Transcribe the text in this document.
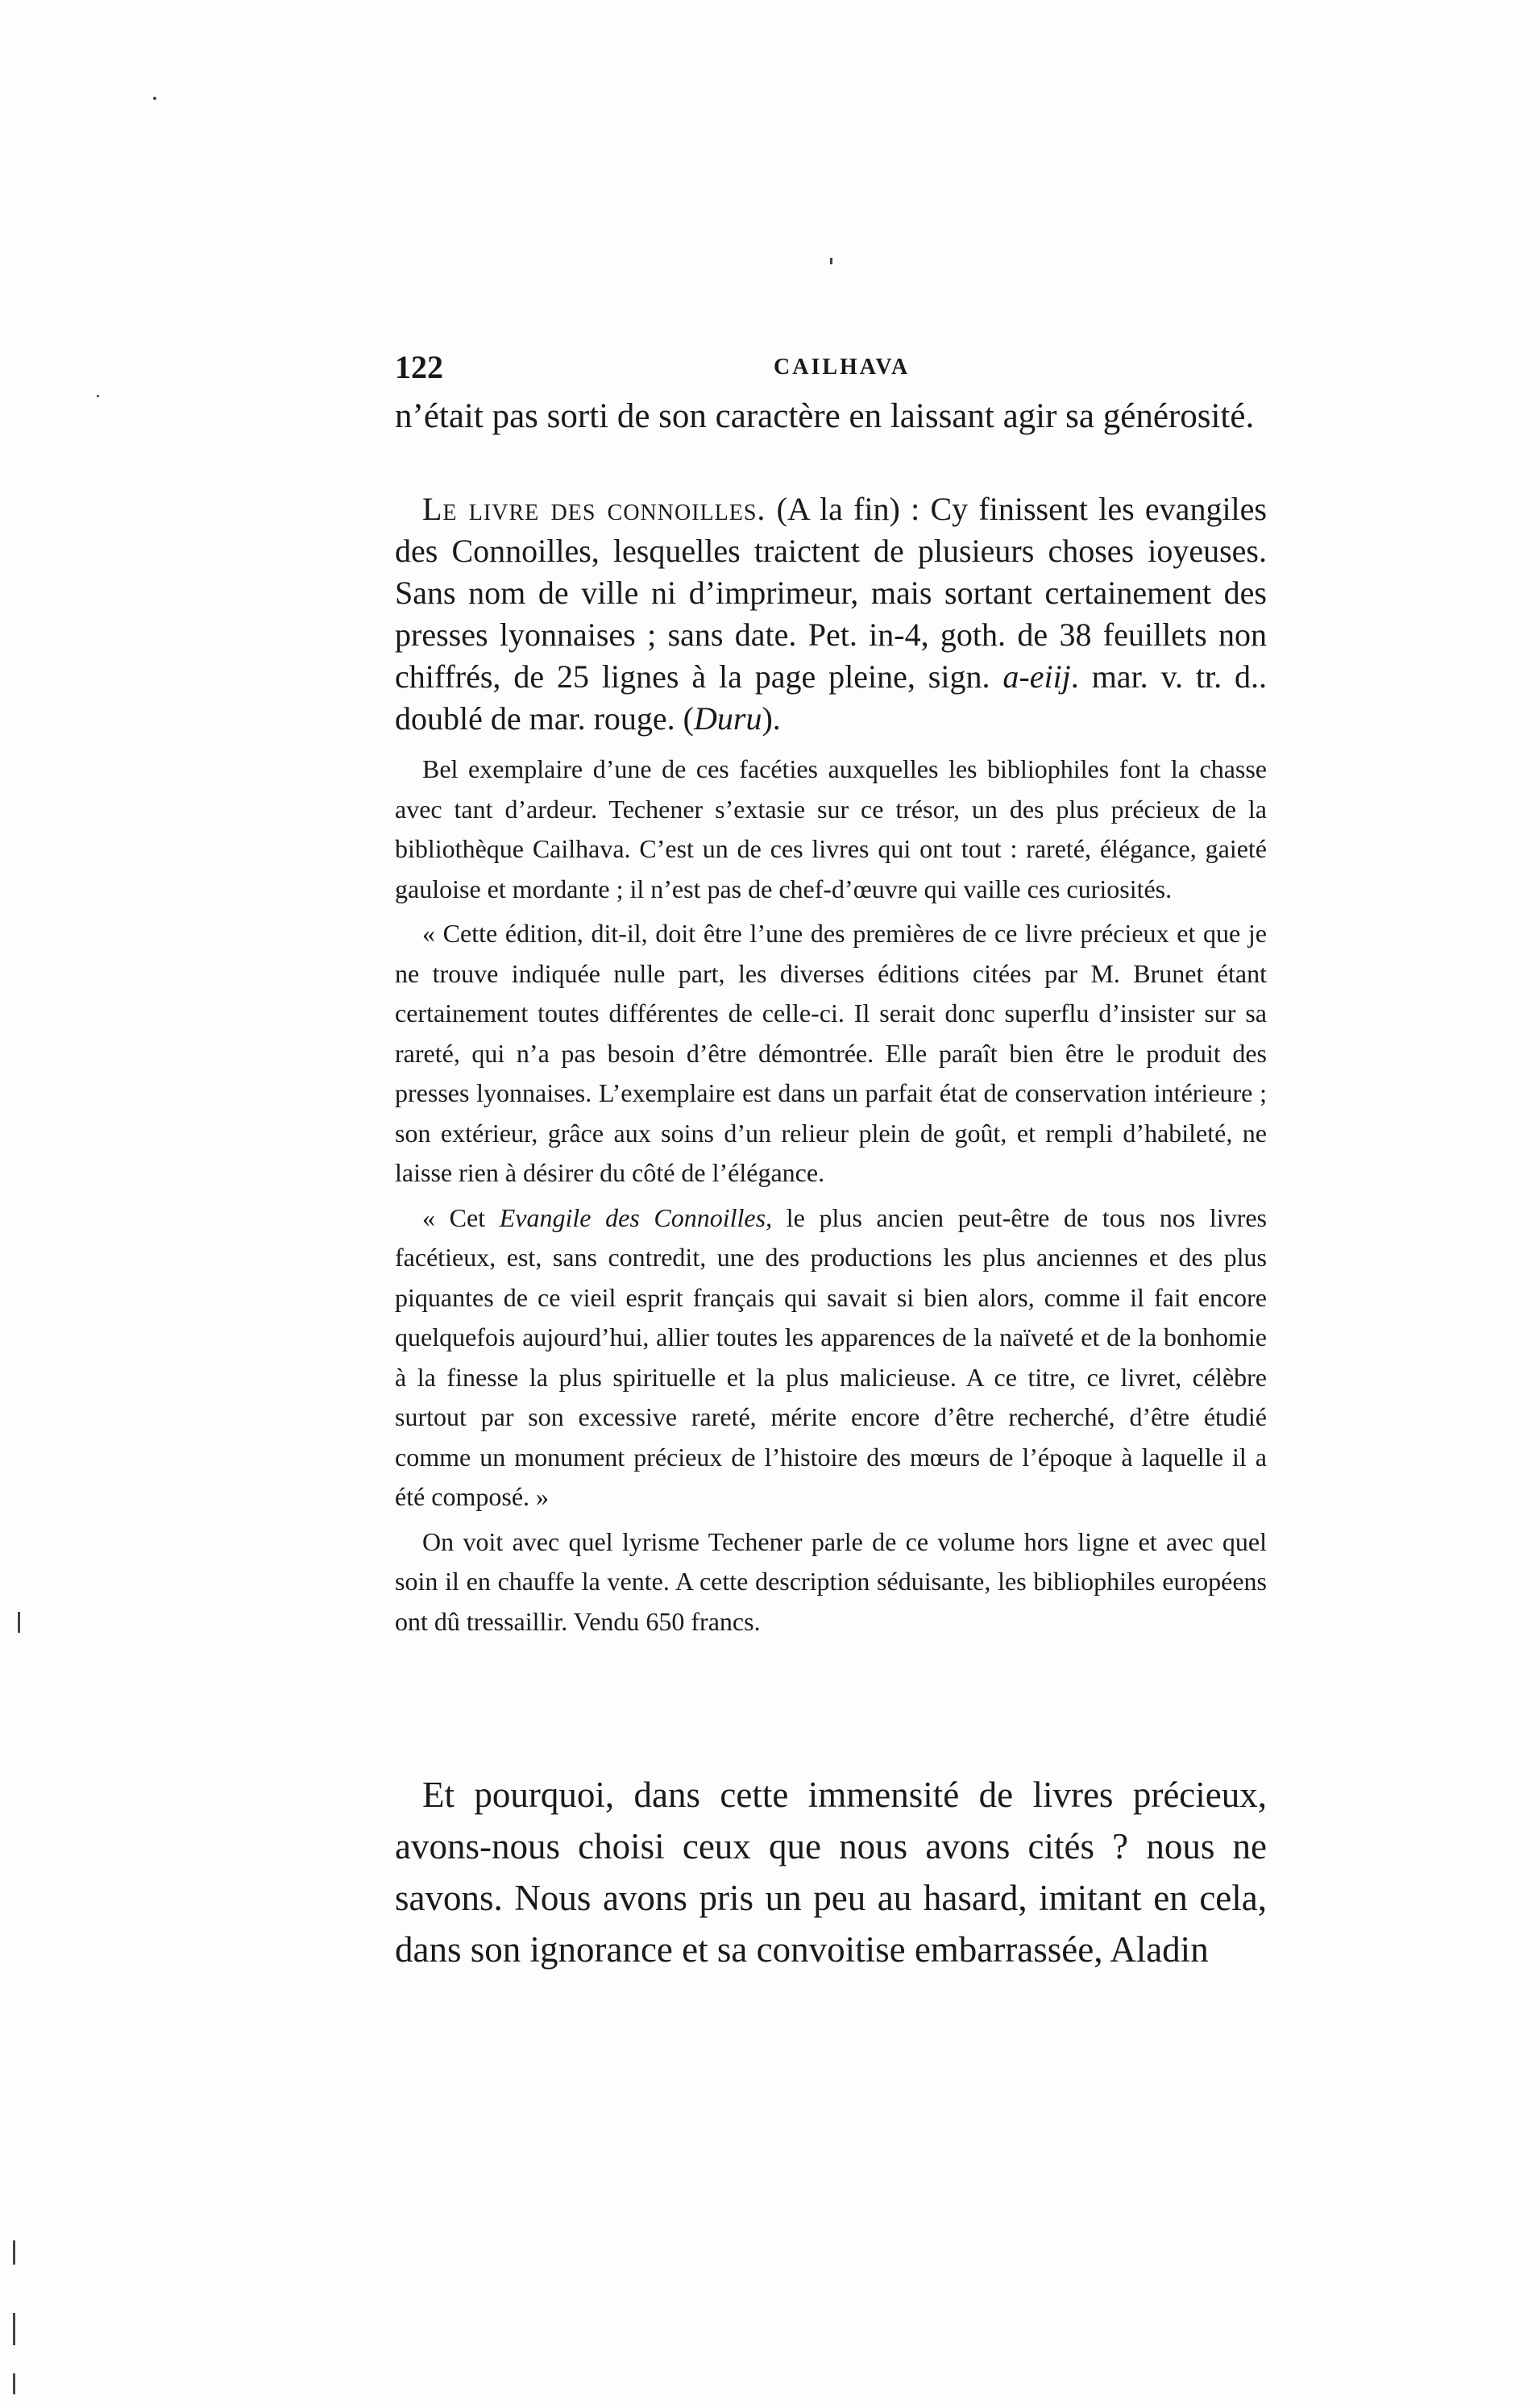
122	CAILHAVA

n’était pas sorti de son caractère en laissant agir sa générosité.

Le livre des connoilles. (A la fin) : Cy finissent les evangiles des Connoilles, lesquelles traictent de plusieurs choses ioyeuses. Sans nom de ville ni d’imprimeur, mais sortant certainement des presses lyonnaises ; sans date. Pet. in-4, goth. de 38 feuillets non chiffrés, de 25 lignes à la page pleine, sign. a-eiij. mar. v. tr. d.. doublé de mar. rouge. (Duru).

Bel exemplaire d’une de ces facéties auxquelles les bibliophiles font la chasse avec tant d’ardeur. Techener s’extasie sur ce trésor, un des plus précieux de la bibliothèque Cailhava. C’est un de ces livres qui ont tout : rareté, élégance, gaieté gauloise et mordante ; il n’est pas de chef-d’œuvre qui vaille ces curiosités.

« Cette édition, dit-il, doit être l’une des premières de ce livre précieux et que je ne trouve indiquée nulle part, les diverses éditions citées par M. Brunet étant certainement toutes différentes de celle-ci. Il serait donc superflu d’insister sur sa rareté, qui n’a pas besoin d’être démontrée. Elle paraît bien être le produit des presses lyonnaises. L’exemplaire est dans un parfait état de conservation intérieure ; son extérieur, grâce aux soins d’un relieur plein de goût, et rempli d’habileté, ne laisse rien à désirer du côté de l’élégance.

« Cet Evangile des Connoilles, le plus ancien peut-être de tous nos livres facétieux, est, sans contredit, une des productions les plus anciennes et des plus piquantes de ce vieil esprit français qui savait si bien alors, comme il fait encore quelquefois aujourd’hui, allier toutes les apparences de la naïveté et de la bonhomie à la finesse la plus spirituelle et la plus malicieuse. A ce titre, ce livret, célèbre surtout par son excessive rareté, mérite encore d’être recherché, d’être étudié comme un monument précieux de l’histoire des mœurs de l’époque à laquelle il a été composé. »

On voit avec quel lyrisme Techener parle de ce volume hors ligne et avec quel soin il en chauffe la vente. A cette description séduisante, les bibliophiles européens ont dû tressaillir. Vendu 650 francs.

Et pourquoi, dans cette immensité de livres précieux, avons-nous choisi ceux que nous avons cités ? nous ne savons. Nous avons pris un peu au hasard, imitant en cela, dans son ignorance et sa convoitise embarrassée, Aladin
